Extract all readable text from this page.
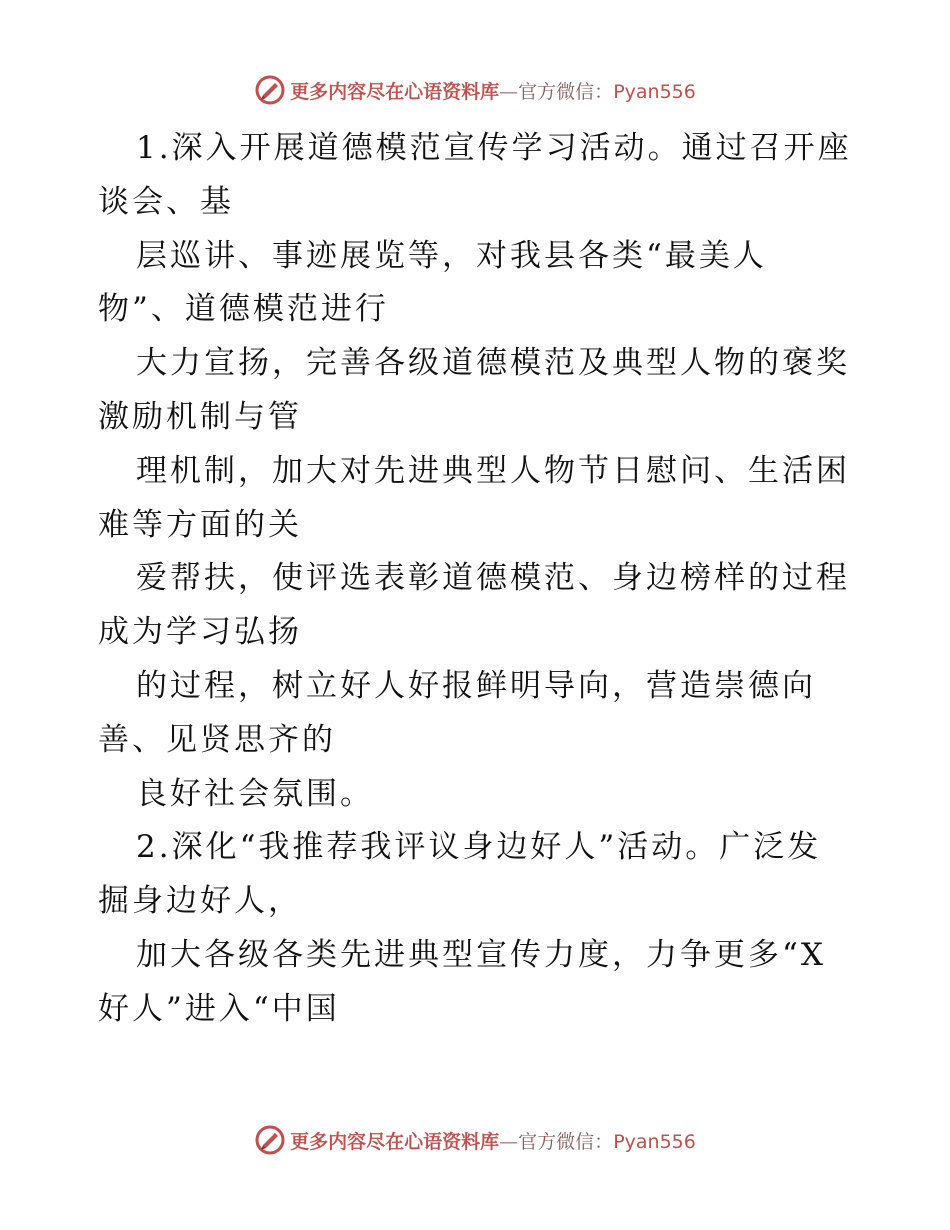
更多内容尽在心语资料库—官方微信：Pyan556
1.深入开展道德模范宣传学习活动。通过召开座
谈会、基
层巡讲、事迹展览等，对我县各类“最美人
物”、道德模范进行
大力宣扬，完善各级道德模范及典型人物的褒奖
激励机制与管
理机制，加大对先进典型人物节日慰问、生活困
难等方面的关
爱帮扶，使评选表彰道德模范、身边榜样的过程
成为学习弘扬
的过程，树立好人好报鲜明导向，营造崇德向
善、见贤思齐的
良好社会氛围。
2.深化“我推荐我评议身边好人”活动。广泛发
掘身边好人，
加大各级各类先进典型宣传力度，力争更多“X
好人”进入“中国
更多内容尽在心语资料库—官方微信：Pyan556
